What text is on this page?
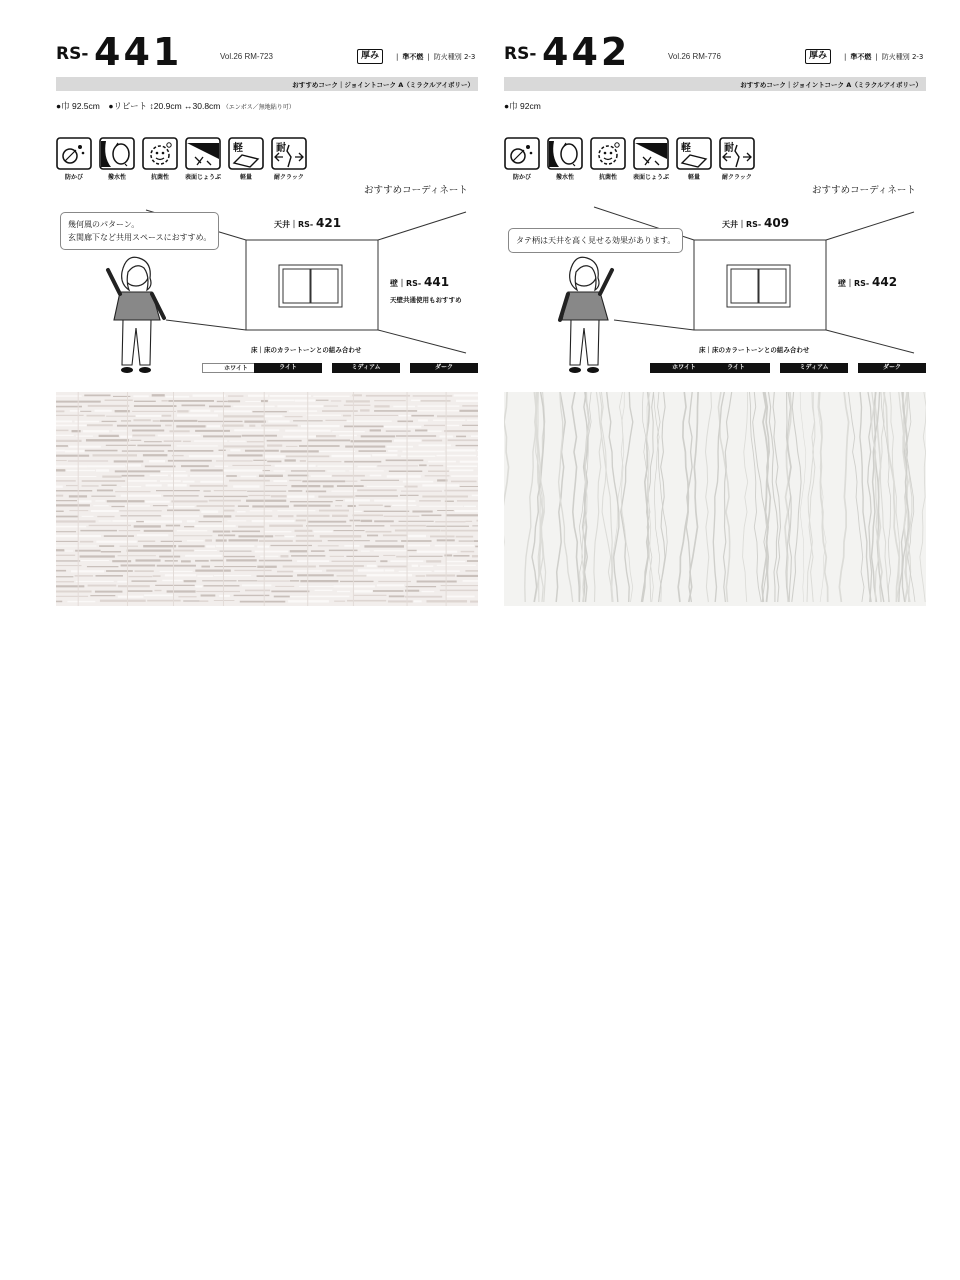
RS- 441	Vol.26 RM-723	厚み	| 準不燃 | 防火種別 2-3
おすすめコーク｜ジョイントコーク A（ミラクルアイボリー）
●巾 92.5cm　●リピート ↕20.9cm ↔30.8cm （エンボス／無地貼り可）
防かび	撥水性	抗菌性	表面じょうぶ
軽
軽量
耐
耐クラック
おすすめコーディネート
幾何風のパターン。
玄関廊下など共用スペースにおすすめ。
天井｜RS- 421
壁｜RS- 441
天壁共通使用もおすすめ
床｜床のカラートーンとの組み合わせ
ホワイト	ライト	ミディアム	ダーク
RS- 442	Vol.26 RM-776	厚み	| 準不燃 | 防火種別 2-3
おすすめコーク｜ジョイントコーク A（ミラクルアイボリー）
●巾 92cm
防かび	撥水性	抗菌性	表面じょうぶ
軽
軽量
耐
耐クラック
おすすめコーディネート
タテ柄は天井を高く見せる効果があります。
天井｜RS- 409
壁｜RS- 442
床｜床のカラートーンとの組み合わせ
ホワイト	ライト	ミディアム	ダーク
